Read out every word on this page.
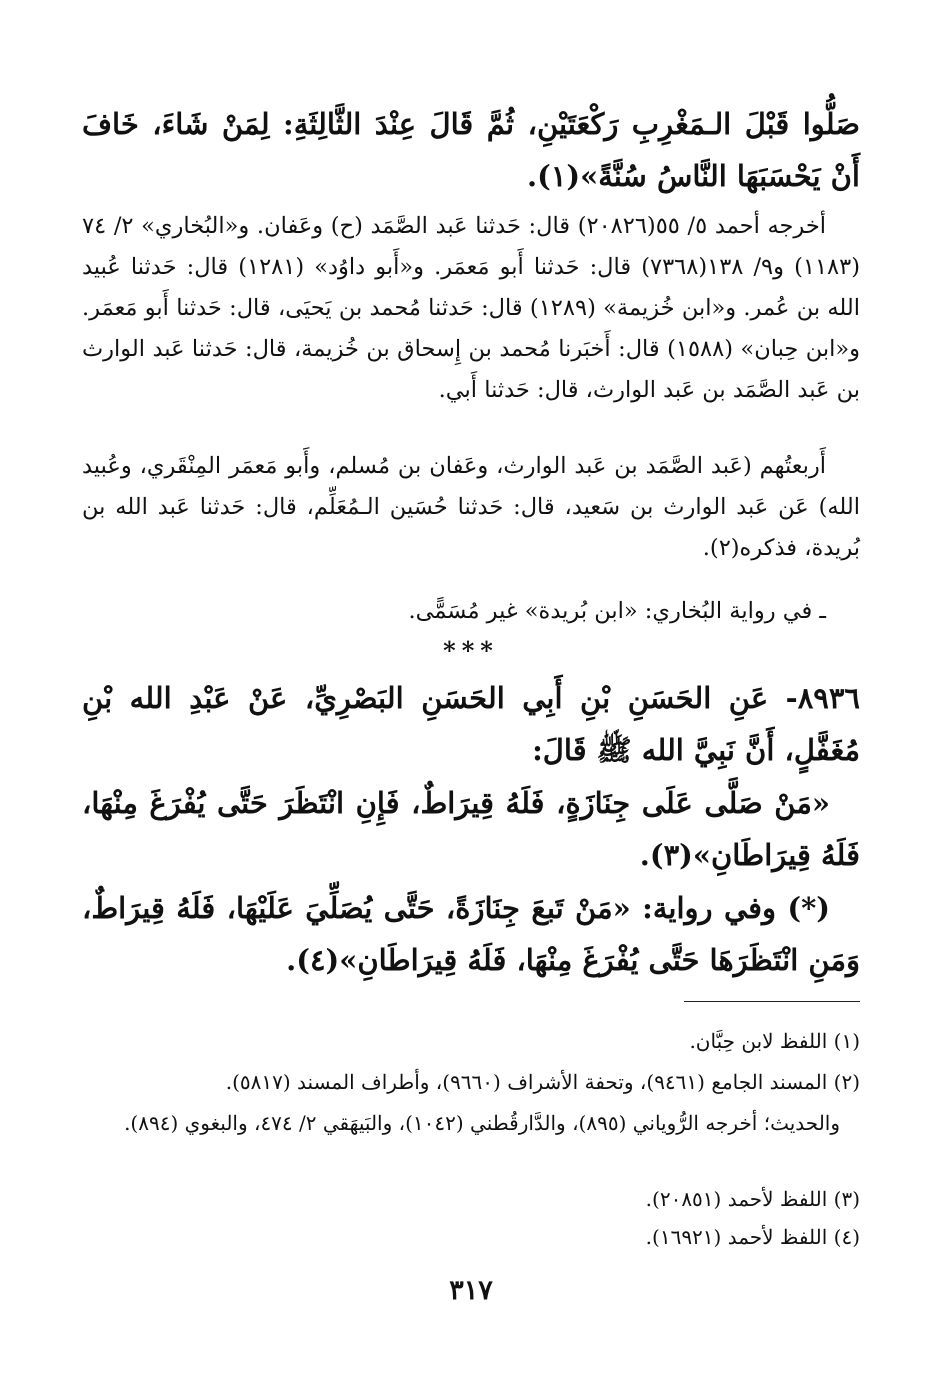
صَلُّوا قَبْلَ الـمَغْرِبِ رَكْعَتَيْنِ، ثُمَّ قَالَ عِنْدَ الثَّالِثَةِ: لِمَنْ شَاءَ، خَافَ أَنْ يَحْسَبَهَا النَّاسُ سُنَّةً»(١).
أخرجه أحمد ٥/ ٥٥(٢٠٨٢٦) قال: حَدثنا عَبد الصَّمَد (ح) وعَفان. و«البُخاري» ٢/ ٧٤ (١١٨٣) و٩/ ١٣٨(٧٣٦٨) قال: حَدثنا أَبو مَعمَر. و«أَبو داوُد» (١٢٨١) قال: حَدثنا عُبيد الله بن عُمر. و«ابن خُزيمة» (١٢٨٩) قال: حَدثنا مُحمد بن يَحيَى، قال: حَدثنا أَبو مَعمَر. و«ابن حِبان» (١٥٨٨) قال: أَخبَرنا مُحمد بن إِسحاق بن خُزيمة، قال: حَدثنا عَبد الوارث بن عَبد الصَّمَد بن عَبد الوارث، قال: حَدثنا أَبي.
أَربعتُهم (عَبد الصَّمَد بن عَبد الوارث، وعَفان بن مُسلم، وأَبو مَعمَر المِنْقَري، وعُبيد الله) عَن عَبد الوارث بن سَعيد، قال: حَدثنا حُسَين الـمُعَلِّم، قال: حَدثنا عَبد الله بن بُريدة، فذكره(٢).
ـ في رواية البُخاري: «ابن بُريدة» غير مُسَمًّى.
***
٨٩٣٦- عَنِ الحَسَنِ بْنِ أَبِي الحَسَنِ البَصْرِيِّ، عَنْ عَبْدِ الله بْنِ مُغَفَّلٍ، أَنَّ نَبِيَّ الله ﷺ قَالَ:
«مَنْ صَلَّى عَلَى جِنَازَةٍ، فَلَهُ قِيرَاطٌ، فَإِنِ انْتَظَرَ حَتَّى يُفْرَغَ مِنْهَا، فَلَهُ قِيرَاطَانِ»(٣).
(*) وفي رواية: «مَنْ تَبعَ جِنَازَةً، حَتَّى يُصَلِّيَ عَلَيْهَا، فَلَهُ قِيرَاطٌ، وَمَنِ انْتَظَرَهَا حَتَّى يُفْرَغَ مِنْهَا، فَلَهُ قِيرَاطَانِ»(٤).
(١) اللفظ لابن حِبَّان.
(٢) المسند الجامع (٩٤٦١)، وتحفة الأشراف (٩٦٦٠)، وأطراف المسند (٥٨١٧).
والحديث؛ أخرجه الرُّوياني (٨٩٥)، والدَّارقُطني (١٠٤٢)، والبَيهَقي ٢/ ٤٧٤، والبغوي (٨٩٤).
(٣) اللفظ لأحمد (٢٠٨٥١).
(٤) اللفظ لأحمد (١٦٩٢١).
٣١٧
